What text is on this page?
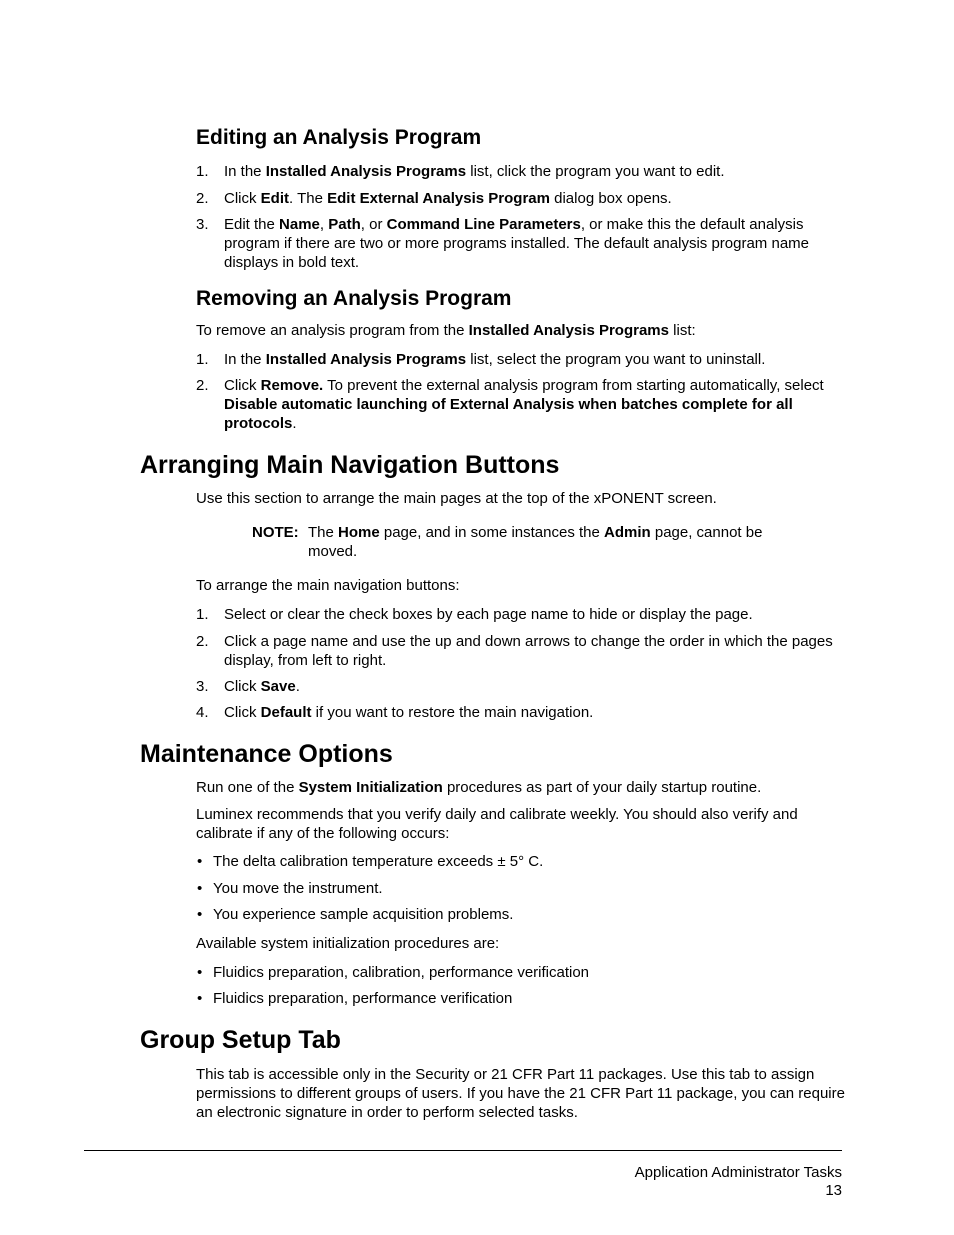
Editing an Analysis Program
1.	In the Installed Analysis Programs list, click the program you want to edit.
2.	Click Edit. The Edit External Analysis Program dialog box opens.
3.	Edit the Name, Path, or Command Line Parameters, or make this the default analysis program if there are two or more programs installed. The default analysis program name displays in bold text.
Removing an Analysis Program
To remove an analysis program from the Installed Analysis Programs list:
1.	In the Installed Analysis Programs list, select the program you want to uninstall.
2.	Click Remove. To prevent the external analysis program from starting automatically, select Disable automatic launching of External Analysis when batches complete for all protocols.
Arranging Main Navigation Buttons
Use this section to arrange the main pages at the top of the xPONENT screen.
NOTE: The Home page, and in some instances the Admin page, cannot be moved.
To arrange the main navigation buttons:
1.	Select or clear the check boxes by each page name to hide or display the page.
2.	Click a page name and use the up and down arrows to change the order in which the pages display, from left to right.
3.	Click Save.
4.	Click Default if you want to restore the main navigation.
Maintenance Options
Run one of the System Initialization procedures as part of your daily startup routine.
Luminex recommends that you verify daily and calibrate weekly. You should also verify and calibrate if any of the following occurs:
• The delta calibration temperature exceeds ± 5° C.
• You move the instrument.
• You experience sample acquisition problems.
Available system initialization procedures are:
• Fluidics preparation, calibration, performance verification
• Fluidics preparation, performance verification
Group Setup Tab
This tab is accessible only in the Security or 21 CFR Part 11 packages. Use this tab to assign permissions to different groups of users. If you have the 21 CFR Part 11 package, you can require an electronic signature in order to perform selected tasks.
Application Administrator Tasks
13
